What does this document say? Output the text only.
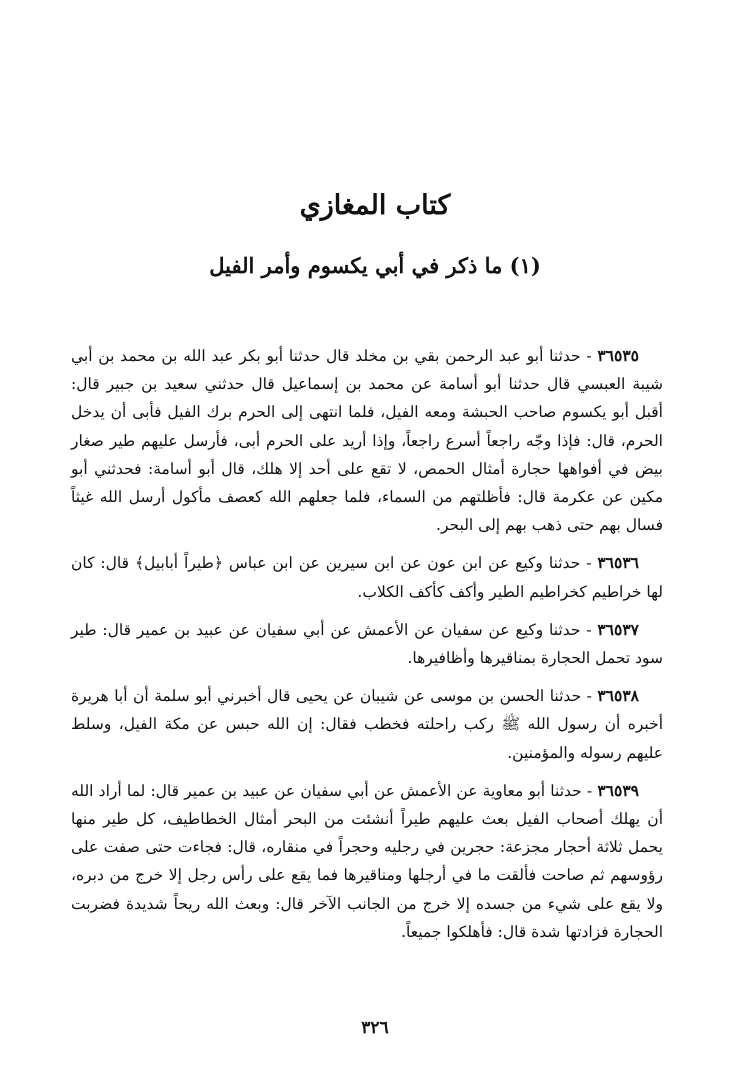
كتاب المغازي
(١) ما ذكر في أبي يكسوم وأمر الفيل

٣٦٥٣٥ - حدثنا أبو عبد الرحمن بقي بن مخلد قال حدثنا أبو بكر عبد الله بن محمد بن أبي شيبة العبسي قال حدثنا أبو أسامة عن محمد بن إسماعيل قال حدثني سعيد بن جبير قال: أقبل أبو يكسوم صاحب الحبشة ومعه الفيل، فلما انتهى إلى الحرم برك الفيل فأبى أن يدخل الحرم، قال: فإذا وجّه راجعاً أسرع راجعاً، وإذا أريد على الحرم أبى، فأرسل عليهم طير صغار بيض في أفواهها حجارة أمثال الحمص، لا تقع على أحد إلا هلك، قال أبو أسامة: فحدثني أبو مكين عن عكرمة قال: فأظلتهم من السماء، فلما جعلهم الله كعصف مأكول أرسل الله غيثاً فسال بهم حتى ذهب بهم إلى البحر.

٣٦٥٣٦ - حدثنا وكيع عن ابن عون عن ابن سيرين عن ابن عباس ﴿طيراً أبابيل﴾ قال: كان لها خراطيم كخراطيم الطير وأكف كأكف الكلاب.

٣٦٥٣٧ - حدثنا وكيع عن سفيان عن الأعمش عن أبي سفيان عن عبيد بن عمير قال: طير سود تحمل الحجارة بمناقيرها وأظافيرها.

٣٦٥٣٨ - حدثنا الحسن بن موسى عن شيبان عن يحيى قال أخبرني أبو سلمة أن أبا هريرة أخبره أن رسول الله ﷺ ركب راحلته فخطب فقال: إن الله حبس عن مكة الفيل، وسلط عليهم رسوله والمؤمنين.

٣٦٥٣٩ - حدثنا أبو معاوية عن الأعمش عن أبي سفيان عن عبيد بن عمير قال: لما أراد الله أن يهلك أصحاب الفيل بعث عليهم طيراً أنشئت من البحر أمثال الخطاطيف، كل طير منها يحمل ثلاثة أحجار مجزعة: حجرين في رجليه وحجراً في منقاره، قال: فجاءت حتى صفت على رؤوسهم ثم صاحت فألقت ما في أرجلها ومناقيرها فما يقع على رأس رجل إلا خرج من دبره، ولا يقع على شيء من جسده إلا خرج من الجانب الآخر قال: وبعث الله ريحاً شديدة فضربت الحجارة فزادتها شدة قال: فأهلكوا جميعاً.

٣٢٦
